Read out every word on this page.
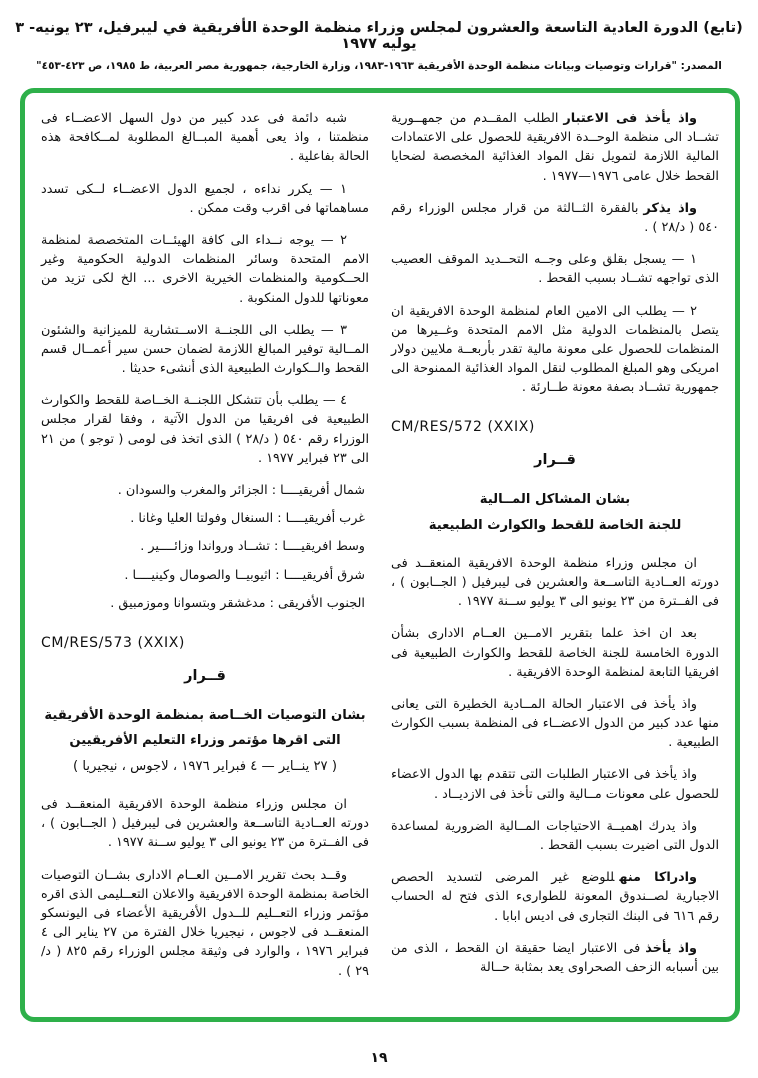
(تابع) الدورة العادية التاسعة والعشرون لمجلس وزراء منظمة الوحدة الأفريقية في ليبرفيل، ٢٣ يونيه- ٣ يوليه ١٩٧٧
المصدر: "قرارات وتوصيات وبيانات منظمة الوحدة الأفريقية ١٩٦٣-١٩٨٣، وزارة الخارجية، جمهورية مصر العربية، ط ١٩٨٥، ص ٤٢٣-٤٥٣"

واذ يأخذ فى الاعتبارالطلب المقــدم من جمهــورية تشــاد الى منظمة الوحــدة الافريقية للحصول على الاعتمادات المالية اللازمة لتمويل نقل المواد الغذائية المخصصة لضحايا القحط خلال عامى ١٩٧٦—١٩٧٧ .

واذ يذكربالفقرة الثــالثة من قرار مجلس الوزراء رقم ٥٤٠ ( د/٢٨ ) .

١ — يسجل بقلق وعلى وجــه التحــديد الموقف العصيب الذى تواجهه تشــاد بسبب القحط .

٢ — يطلب الى الامين العام لمنظمة الوحدة الافريقية ان يتصل بالمنظمات الدولية مثل الامم المتحدة وغــيرها من المنظمات للحصول على معونة مالية تقدر بأربعــة ملايين دولار امريكى وهو المبلغ المطلوب لنقل المواد الغذائية الممنوحة الى جمهورية تشــاد بصفة معونة طــارئة .

CM/RES/572 (XXIX)

قــرار

بشان المشاكل المــالية

للجنة الخاصة للقحط والكوارث الطبيعية

ان مجلس وزراء منظمة الوحدة الافريقية المنعقــد فى دورته العــادية التاســعة والعشرين فى ليبرفيل ( الجــابون ) ، فى الفــترة من ٢٣ يونيو الى ٣ يوليو ســنة ١٩٧٧ .

بعد ان اخذ علما بتقرير الامــين العــام الادارى بشأن الدورة الخامسة للجنة الخاصة للقحط والكوارث الطبيعية فى افريقيا التابعة لمنظمة الوحدة الافريقية .

واذ يأخذ فى الاعتبار الحالة المــادية الخطيرة التى يعانى منها عدد كبير من الدول الاعضــاء فى المنظمة بسبب الكوارث الطبيعية .

واذ يأخذ فى الاعتبار الطلبات التى تتقدم بها الدول الاعضاء للحصول على معونات مــالية والتى تأخذ فى الازديــاد .

واذ يدرك اهميــة الاحتياجات المــالية الضرورية لمساعدة الدول التى اضيرت بسبب القحط .

وادراكا منهللوضع غير المرضى لتسديد الحصص الاجبارية لصــندوق المعونة للطوارىء الذى فتح له الحساب رقم ٦١٦ فى البنك التجارى فى اديس ابابا .

واذ يأخذفى الاعتبار ايضا حقيقة ان القحط ، الذى من بين أسبابه الزحف الصحراوى يعد بمثابة حــالة

شبه دائمة فى عدد كبير من دول السهل الاعضــاء فى منظمتنا ، واذ يعى أهمية المبــالغ المطلوبة لمــكافحة هذه الحالة بفاعلية .

١ — يكرر نداءه ، لجميع الدول الاعضــاء لــكى تسدد مساهماتها فى اقرب وقت ممكن .

٢ — يوجه نــداء الى كافة الهيئــات المتخصصة لمنظمة الامم المتحدة وسائر المنظمات الدولية الحكومية وغير الحــكومية والمنظمات الخيرية الاخرى ... الخ لكى تزيد من معوناتها للدول المنكوبة .

٣ — يطلب الى اللجنــة الاســتشارية للميزانية والشئون المــالية توفير المبالغ اللازمة لضمان حسن سير أعمــال قسم القحط والــكوارث الطبيعية الذى أنشىء حديثا .

٤ — يطلب بأن تتشكل اللجنــة الخــاصة للقحط والكوارث الطبيعية فى افريقيا من الدول الآتية ، وفقا لقرار مجلس الوزراء رقم ٥٤٠ ( د/٢٨ ) الذى اتخذ فى لومى ( توجو ) من ٢١ الى ٢٣ فبراير ١٩٧٧ .

شمال أفريقيــــا : الجزائر والمغرب والسودان .

غرب أفريقيــــا : السنغال وفولتا العليا وغانا .

وسط افريقيــــا : تشــاد ورواندا وزائــــير .

شرق أفريقيــــا : اثيوبيــا والصومال وكينيــــا .

الجنوب الأفريقى : مدغشقر وبتسوانا وموزمبيق .

CM/RES/573 (XXIX)

قــرار

بشان التوصيات الخــاصة بمنظمة الوحدة الأفريقية

التى اقرها مؤتمر وزراء التعليم الأفريقيين

( ٢٧ ينــاير — ٤ فبراير ١٩٧٦ ، لاجوس ، نيجيريا )

ان مجلس وزراء منظمة الوحدة الافريقية المنعقــد فى دورته العــادية التاســعة والعشرين فى ليبرفيل ( الجــابون ) ، فى الفــترة من ٢٣ يونيو الى ٣ يوليو ســنة ١٩٧٧ .

وقــد بحث تقرير الامــين العــام الادارى بشــان التوصيات الخاصة بمنظمة الوحدة الافريقية والاعلان التعــليمى الذى اقره مؤتمر وزراء التعــليم للــدول الأفريقية الأعضاء فى اليونسكو المنعقــد فى لاجوس ، نيجيريا خلال الفترة من ٢٧ يناير الى ٤ فبراير ١٩٧٦ ، والوارد فى وثيقة مجلس الوزراء رقم ٨٢٥ ( د/٢٩ ) .

١٩
